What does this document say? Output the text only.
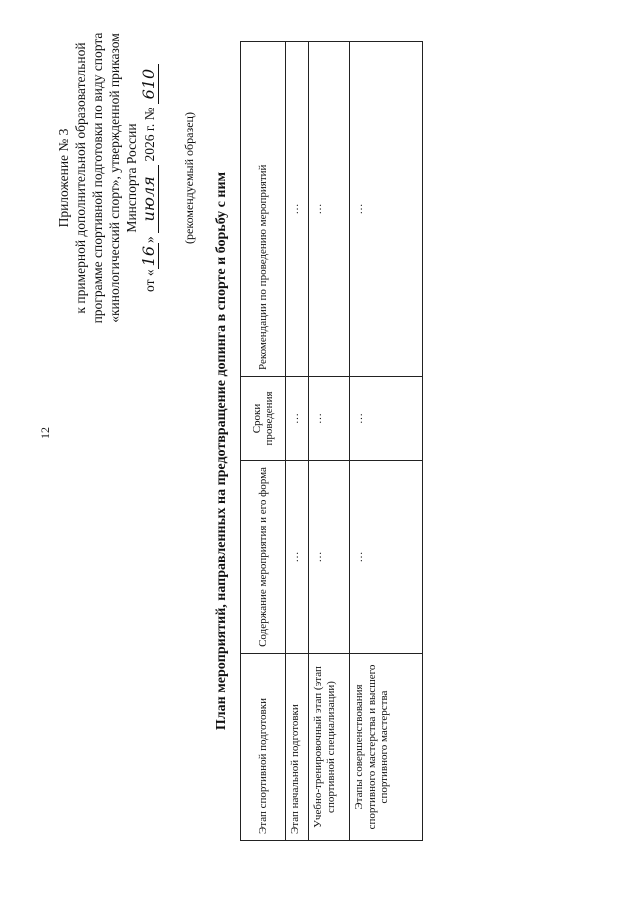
12
Приложение № 3 к примерной дополнительной образовательной программе спортивной подготовки по виду спорта «кинологический спорт», утвержденной приказом Минспорта России
от «16» июля 2026 г. № 610
(рекомендуемый образец) План мероприятий, направленных на предотвращение допинга в спорте и борьбу с ним
Этап спортивной подготовки	Содержание мероприятия и его форма	Сроки проведения	Рекомендации по проведению мероприятий
Этап начальной подготовки	…	…	…
Учебно-тренировочный этап (этап спортивной специализации)	…	…	…
Этапы совершенствования спортивного мастерства и высшего спортивного мастерства	…	…	…
